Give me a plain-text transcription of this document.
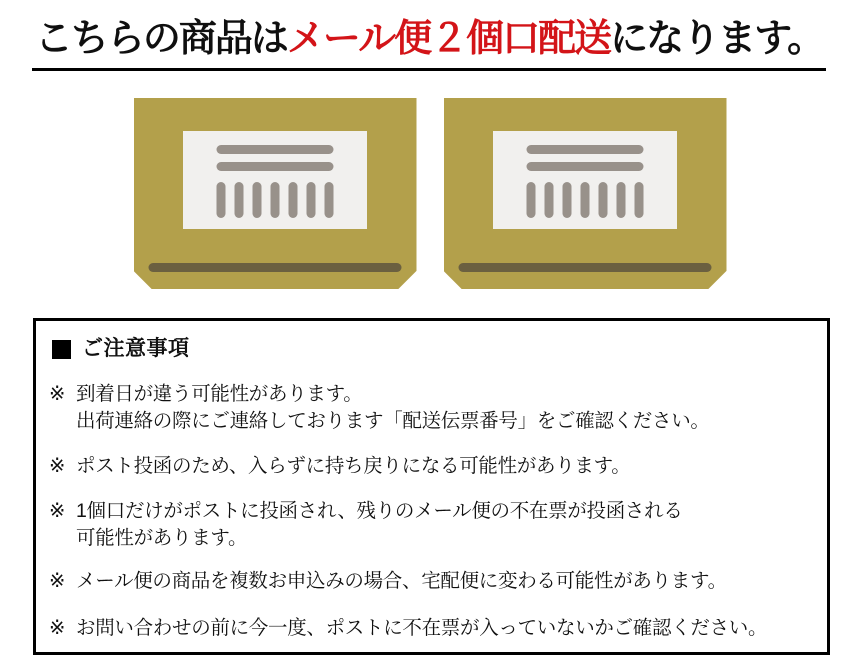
こちらの商品はメール便２個口配送になります。
ご注意事項
※ 到着日が違う可能性があります。
出荷連絡の際にご連絡しております「配送伝票番号」をご確認ください。
※ ポスト投函のため、入らずに持ち戻りになる可能性があります。
※ 1個口だけがポストに投函され、残りのメール便の不在票が投函される
可能性があります。
※ メール便の商品を複数お申込みの場合、宅配便に変わる可能性があります。
※ お問い合わせの前に今一度、ポストに不在票が入っていないかご確認ください。
